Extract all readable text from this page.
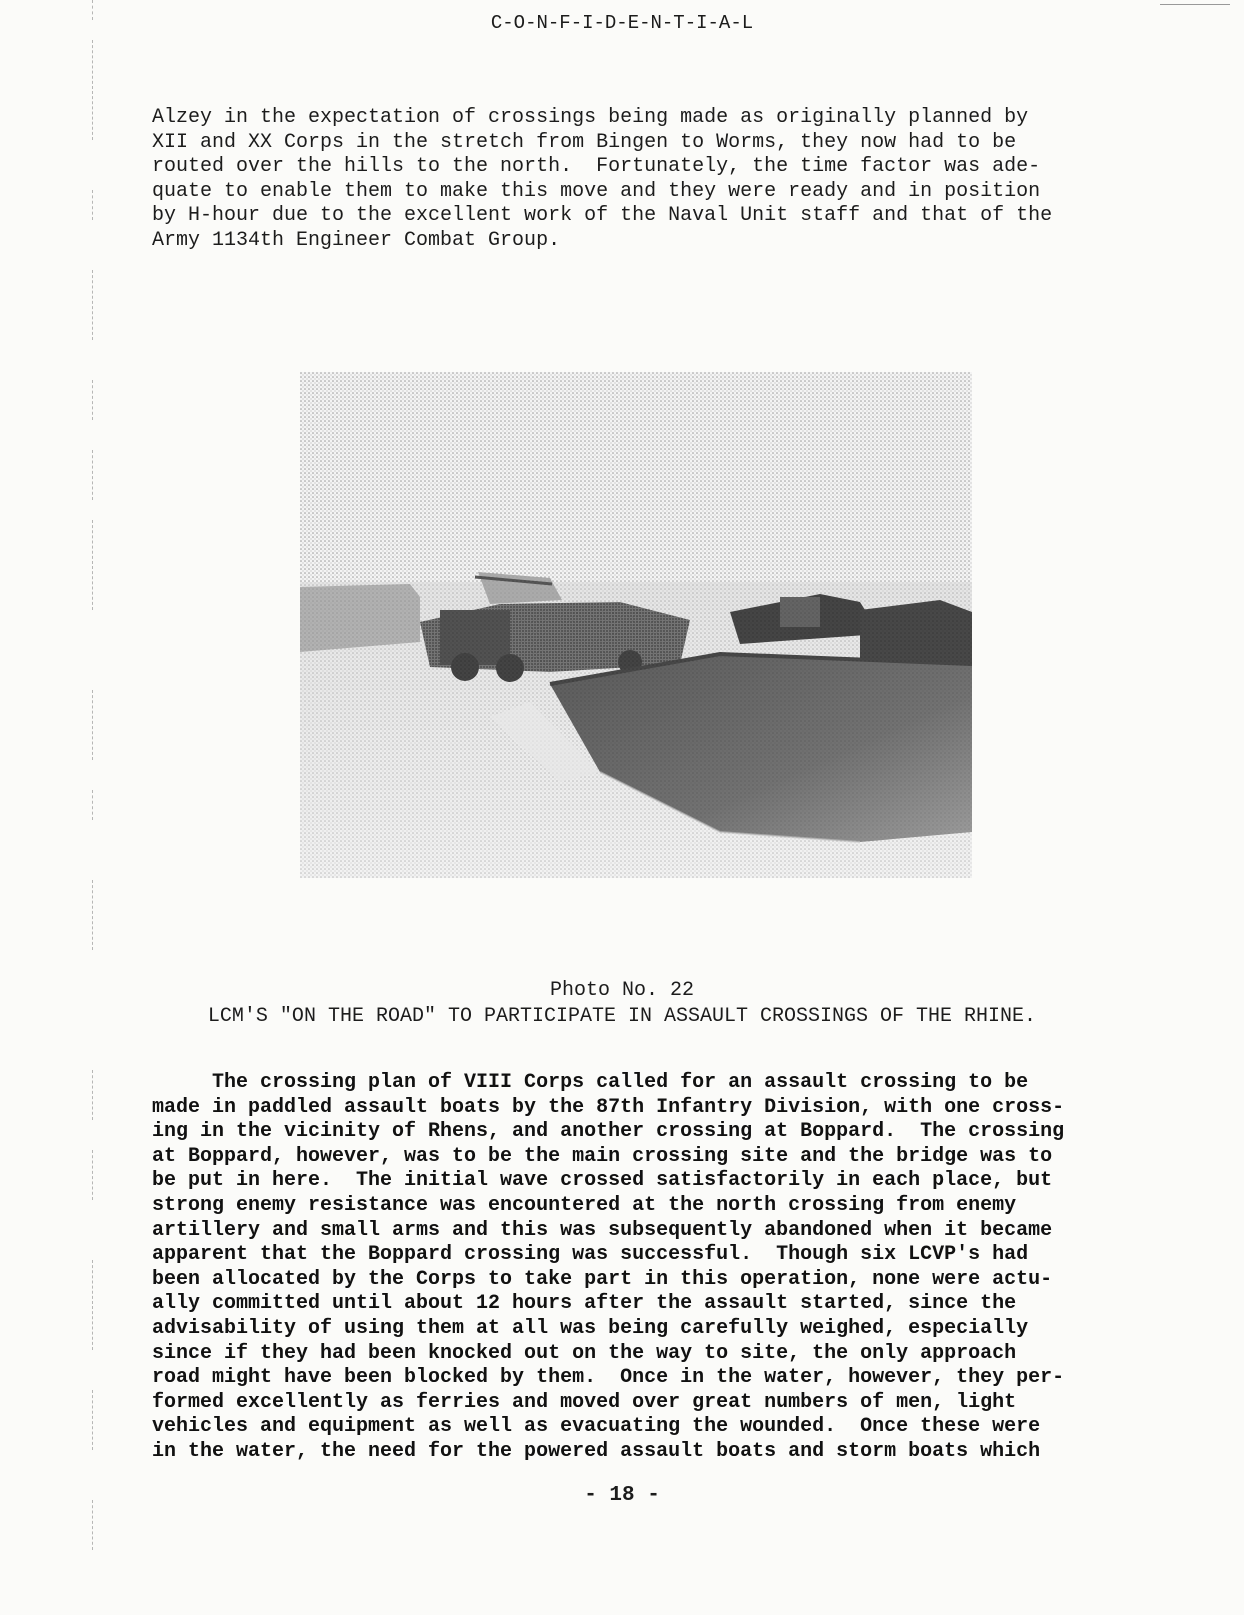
C-O-N-F-I-D-E-N-T-I-A-L

Alzey in the expectation of crossings being made as originally planned by

XII and XX Corps in the stretch from Bingen to Worms, they now had to be

routed over the hills to the north.  Fortunately, the time factor was ade-

quate to enable them to make this move and they were ready and in position

by H-hour due to the excellent work of the Naval Unit staff and that of the

Army 1134th Engineer Combat Group.

Photo No. 22
LCM'S "ON THE ROAD" TO PARTICIPATE IN ASSAULT CROSSINGS OF THE RHINE.

The crossing plan of VIII Corps called for an assault crossing to be

made in paddled assault boats by the 87th Infantry Division, with one cross-

ing in the vicinity of Rhens, and another crossing at Boppard.  The crossing

at Boppard, however, was to be the main crossing site and the bridge was to

be put in here.  The initial wave crossed satisfactorily in each place, but

strong enemy resistance was encountered at the north crossing from enemy

artillery and small arms and this was subsequently abandoned when it became

apparent that the Boppard crossing was successful.  Though six LCVP's had

been allocated by the Corps to take part in this operation, none were actu-

ally committed until about 12 hours after the assault started, since the

advisability of using them at all was being carefully weighed, especially

since if they had been knocked out on the way to site, the only approach

road might have been blocked by them.  Once in the water, however, they per-

formed excellently as ferries and moved over great numbers of men, light

vehicles and equipment as well as evacuating the wounded.  Once these were

in the water, the need for the powered assault boats and storm boats which

- 18 -
